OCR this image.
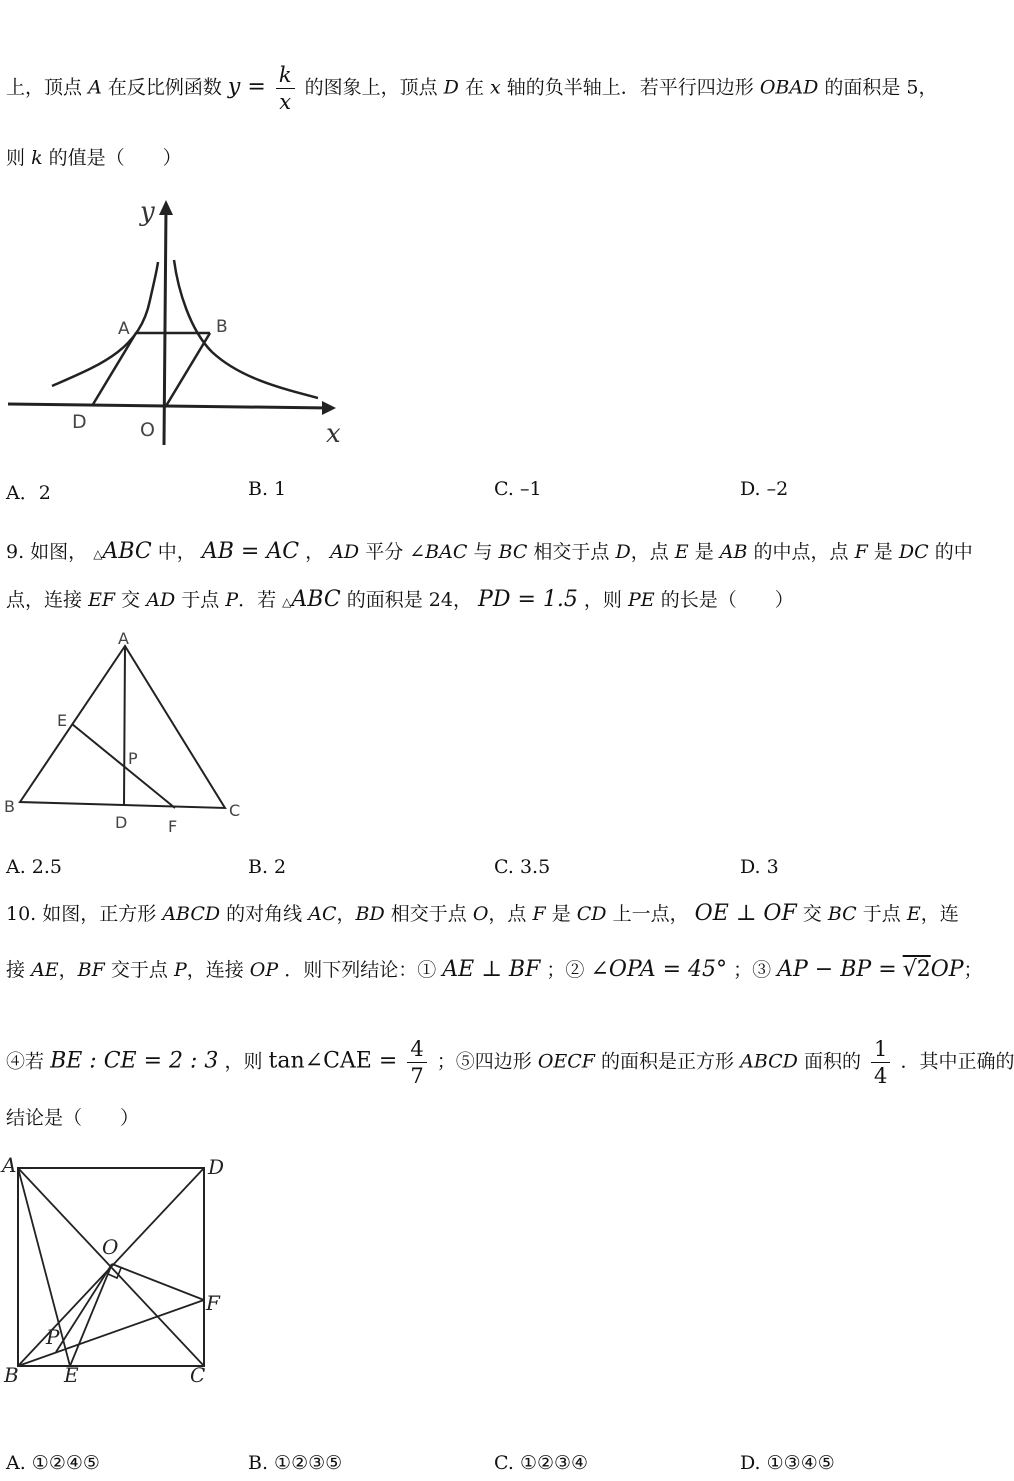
上，顶点 A 在反比例函数 $y = \frac{k}{x}$ 的图象上，顶点 D 在 x 轴的负半轴上．若平行四边形 OBAD 的面积是 5，
则 k 的值是（　　）
y
A	B
D	O	x
A．2	B. 1	C. –1	D. –2
9. 如图， △ABC 中， AB = AC ， AD 平分 ∠BAC 与 BC 相交于点 D，点 E 是 AB 的中点，点 F 是 DC 的中
点，连接 EF 交 AD 于点 P．若 △ABC 的面积是 24， PD = 1.5 ，则 PE 的长是（　　）
A
E
P
B
D	F
C
A. 2.5	B. 2	C. 3.5	D. 3
10. 如图，正方形 ABCD 的对角线 AC，BD 相交于点 O，点 F 是 CD 上一点， OE ⊥ OF 交 BC 于点 E，连
接 AE，BF 交于点 P，连接 OP ．则下列结论：① AE ⊥ BF ；② ∠OPA = 45° ；③ AP − BP = √2OP；
④若 BE : CE = 2 : 3 ，则 tan∠CAE = $\frac{4}{7}$ ；⑤四边形 OECF 的面积是正方形 ABCD 面积的 $\frac{1}{4}$ ．其中正确的
结论是（　　）
A	D
O
F
P
B E	C
A. ①②④⑤	B. ①②③⑤	C. ①②③④	D. ①③④⑤
